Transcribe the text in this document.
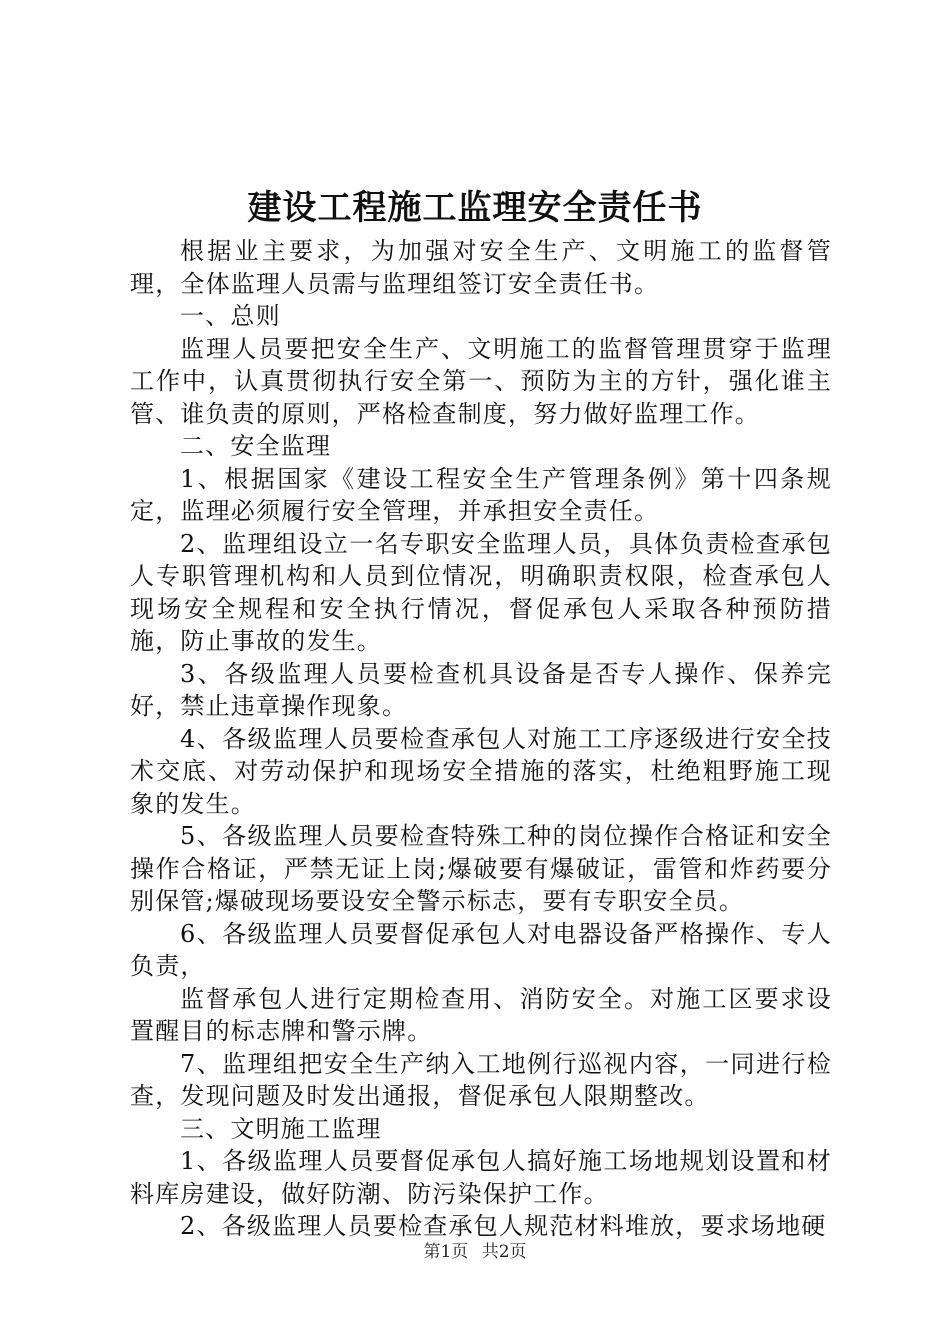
建设工程施工监理安全责任书

根据业主要求，为加强对安全生产、文明施工的监督管理，全体监理人员需与监理组签订安全责任书。

一、总则

监理人员要把安全生产、文明施工的监督管理贯穿于监理工作中，认真贯彻执行安全第一、预防为主的方针，强化谁主管、谁负责的原则，严格检查制度，努力做好监理工作。

二、安全监理

1、根据国家《建设工程安全生产管理条例》第十四条规定，监理必须履行安全管理，并承担安全责任。

2、监理组设立一名专职安全监理人员，具体负责检查承包人专职管理机构和人员到位情况，明确职责权限，检查承包人现场安全规程和安全执行情况，督促承包人采取各种预防措施，防止事故的发生。

3、各级监理人员要检查机具设备是否专人操作、保养完好，禁止违章操作现象。

4、各级监理人员要检查承包人对施工工序逐级进行安全技术交底、对劳动保护和现场安全措施的落实，杜绝粗野施工现象的发生。

5、各级监理人员要检查特殊工种的岗位操作合格证和安全操作合格证，严禁无证上岗;爆破要有爆破证，雷管和炸药要分别保管;爆破现场要设安全警示标志，要有专职安全员。

6、各级监理人员要督促承包人对电器设备严格操作、专人负责，

监督承包人进行定期检查用、消防安全。对施工区要求设置醒目的标志牌和警示牌。

7、监理组把安全生产纳入工地例行巡视内容，一同进行检查，发现问题及时发出通报，督促承包人限期整改。

三、文明施工监理

1、各级监理人员要督促承包人搞好施工场地规划设置和材料库房建设，做好防潮、防污染保护工作。

2、各级监理人员要检查承包人规范材料堆放，要求场地硬

第1页 共2页
